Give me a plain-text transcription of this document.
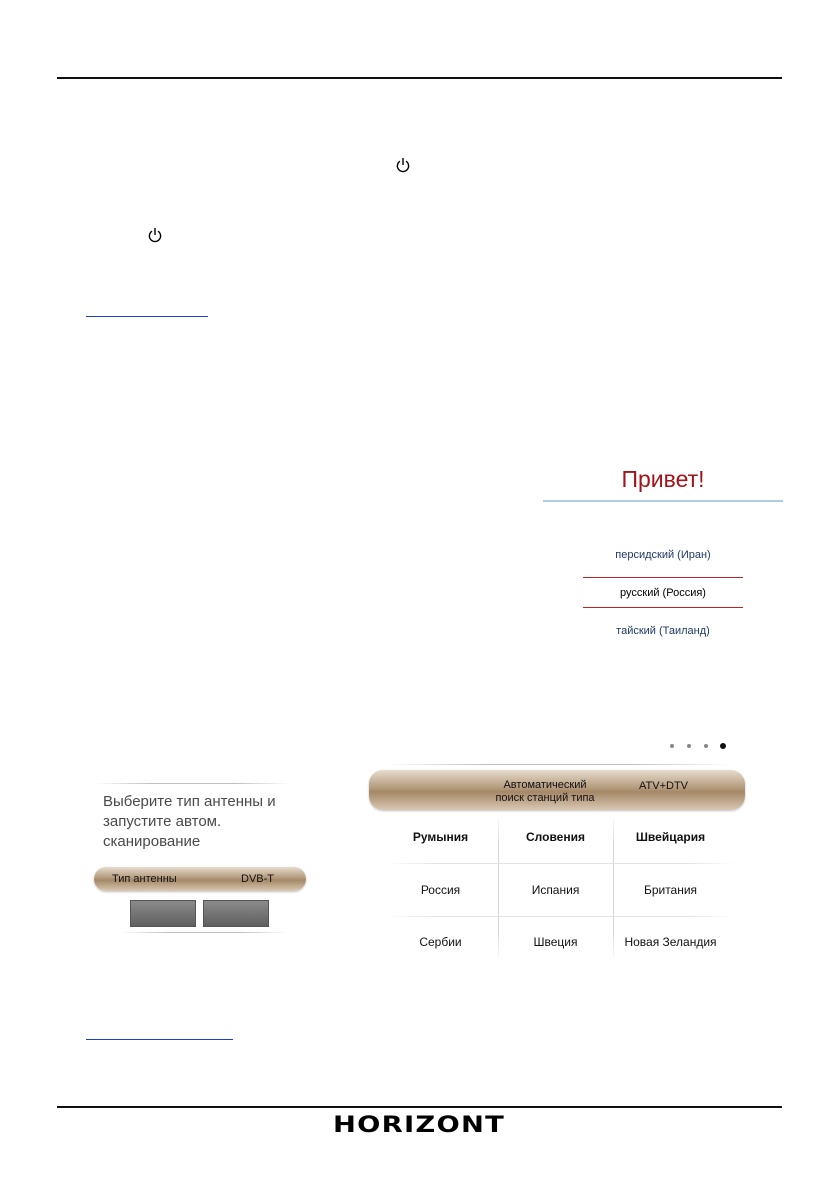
Привет!
персидский (Иран)
русский (Россия)
тайский (Таиланд)
Выберите тип антенны и
запустите автом.
сканирование
Тип антенны	DVB-T
Автоматический
поиск станций типа
ATV+DTV
Румыния	Словения	Швейцария
Россия	Испания	Британия
Сербии	Швеция	Новая Зеландия
HORIZONT
